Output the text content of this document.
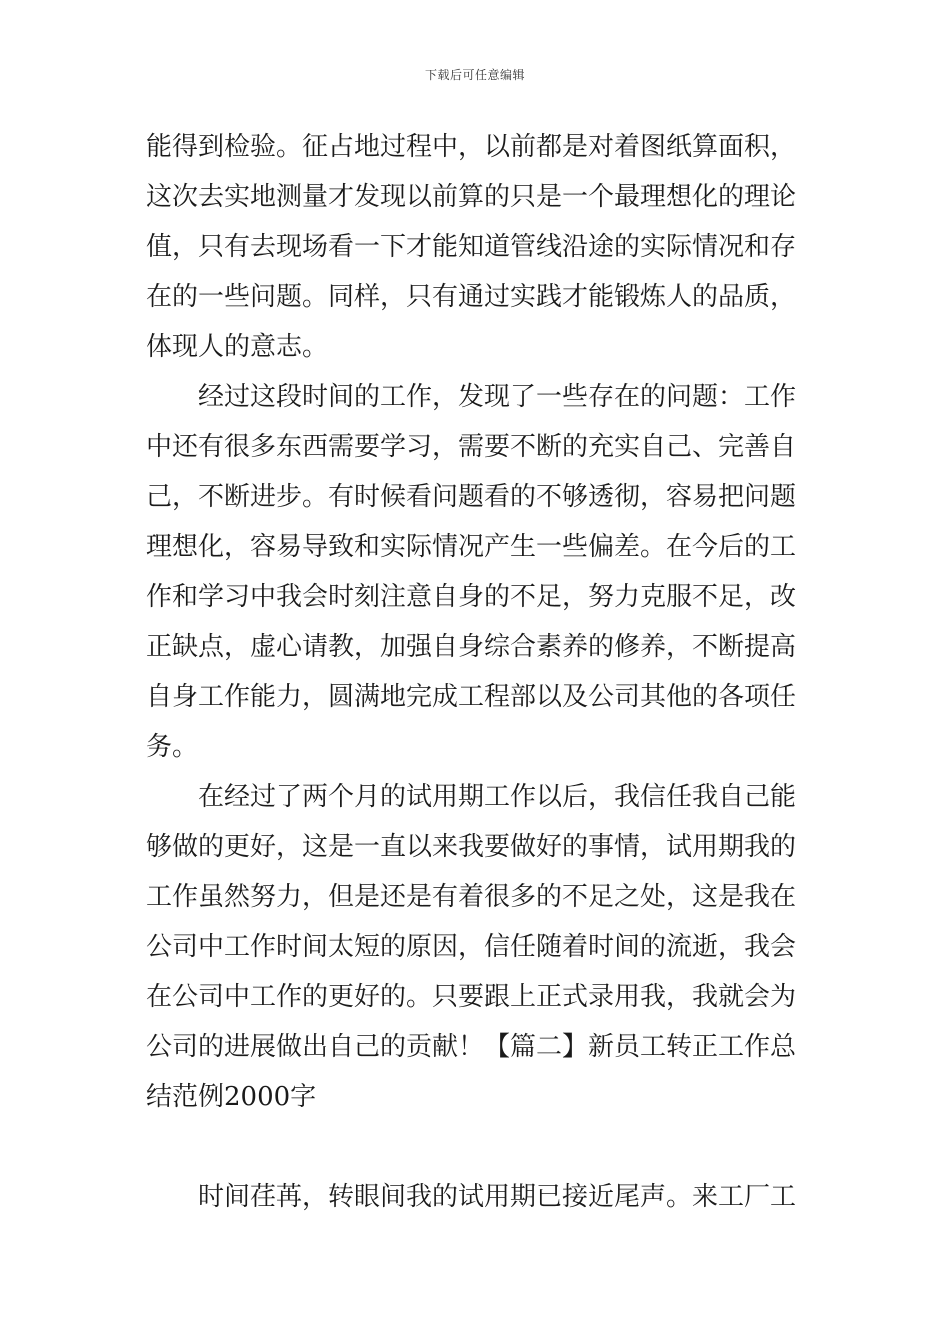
下载后可任意编辑
能得到检验。征占地过程中，以前都是对着图纸算面积，
这次去实地测量才发现以前算的只是一个最理想化的理论
值，只有去现场看一下才能知道管线沿途的实际情况和存
在的一些问题。同样，只有通过实践才能锻炼人的品质，
体现人的意志。
经过这段时间的工作，发现了一些存在的问题：工作
中还有很多东西需要学习，需要不断的充实自己、完善自
己，不断进步。有时候看问题看的不够透彻，容易把问题
理想化，容易导致和实际情况产生一些偏差。在今后的工
作和学习中我会时刻注意自身的不足，努力克服不足，改
正缺点，虚心请教，加强自身综合素养的修养，不断提高
自身工作能力，圆满地完成工程部以及公司其他的各项任
务。
在经过了两个月的试用期工作以后，我信任我自己能
够做的更好，这是一直以来我要做好的事情，试用期我的
工作虽然努力，但是还是有着很多的不足之处，这是我在
公司中工作时间太短的原因，信任随着时间的流逝，我会
在公司中工作的更好的。只要跟上正式录用我，我就会为
公司的进展做出自己的贡献！【篇二】新员工转正工作总
结范例2000字
时间荏苒，转眼间我的试用期已接近尾声。来工厂工
